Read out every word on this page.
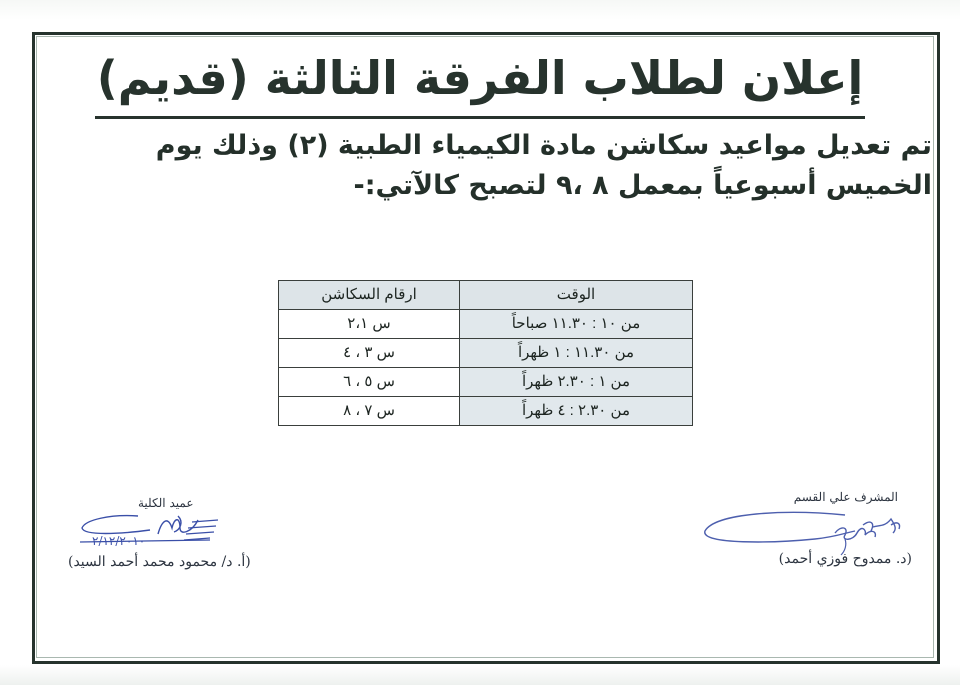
إعلان لطلاب الفرقة الثالثة (قديم)
تم تعديل مواعيد سكاشن مادة الكيمياء الطبية (٢) وذلك يوم
الخميس أسبوعياً بمعمل ٨ ،٩ لتصبح كالآتي:-
الوقت	ارقام السكاشن
من ١٠ : ١١.٣٠ صباحاً	س ٢،١
من ١١.٣٠ : ١ ظهراً	س ٣ ، ٤
من ١ : ٢.٣٠ ظهراً	س ٥ ، ٦
من ٢.٣٠ : ٤ ظهراً	س ٧ ، ٨
المشرف علي القسم
(د. ممدوح فوزي أحمد)
عميد الكلية
٢/١٢/٢٠١٠
(أ. د/ محمود محمد أحمد السيد)
